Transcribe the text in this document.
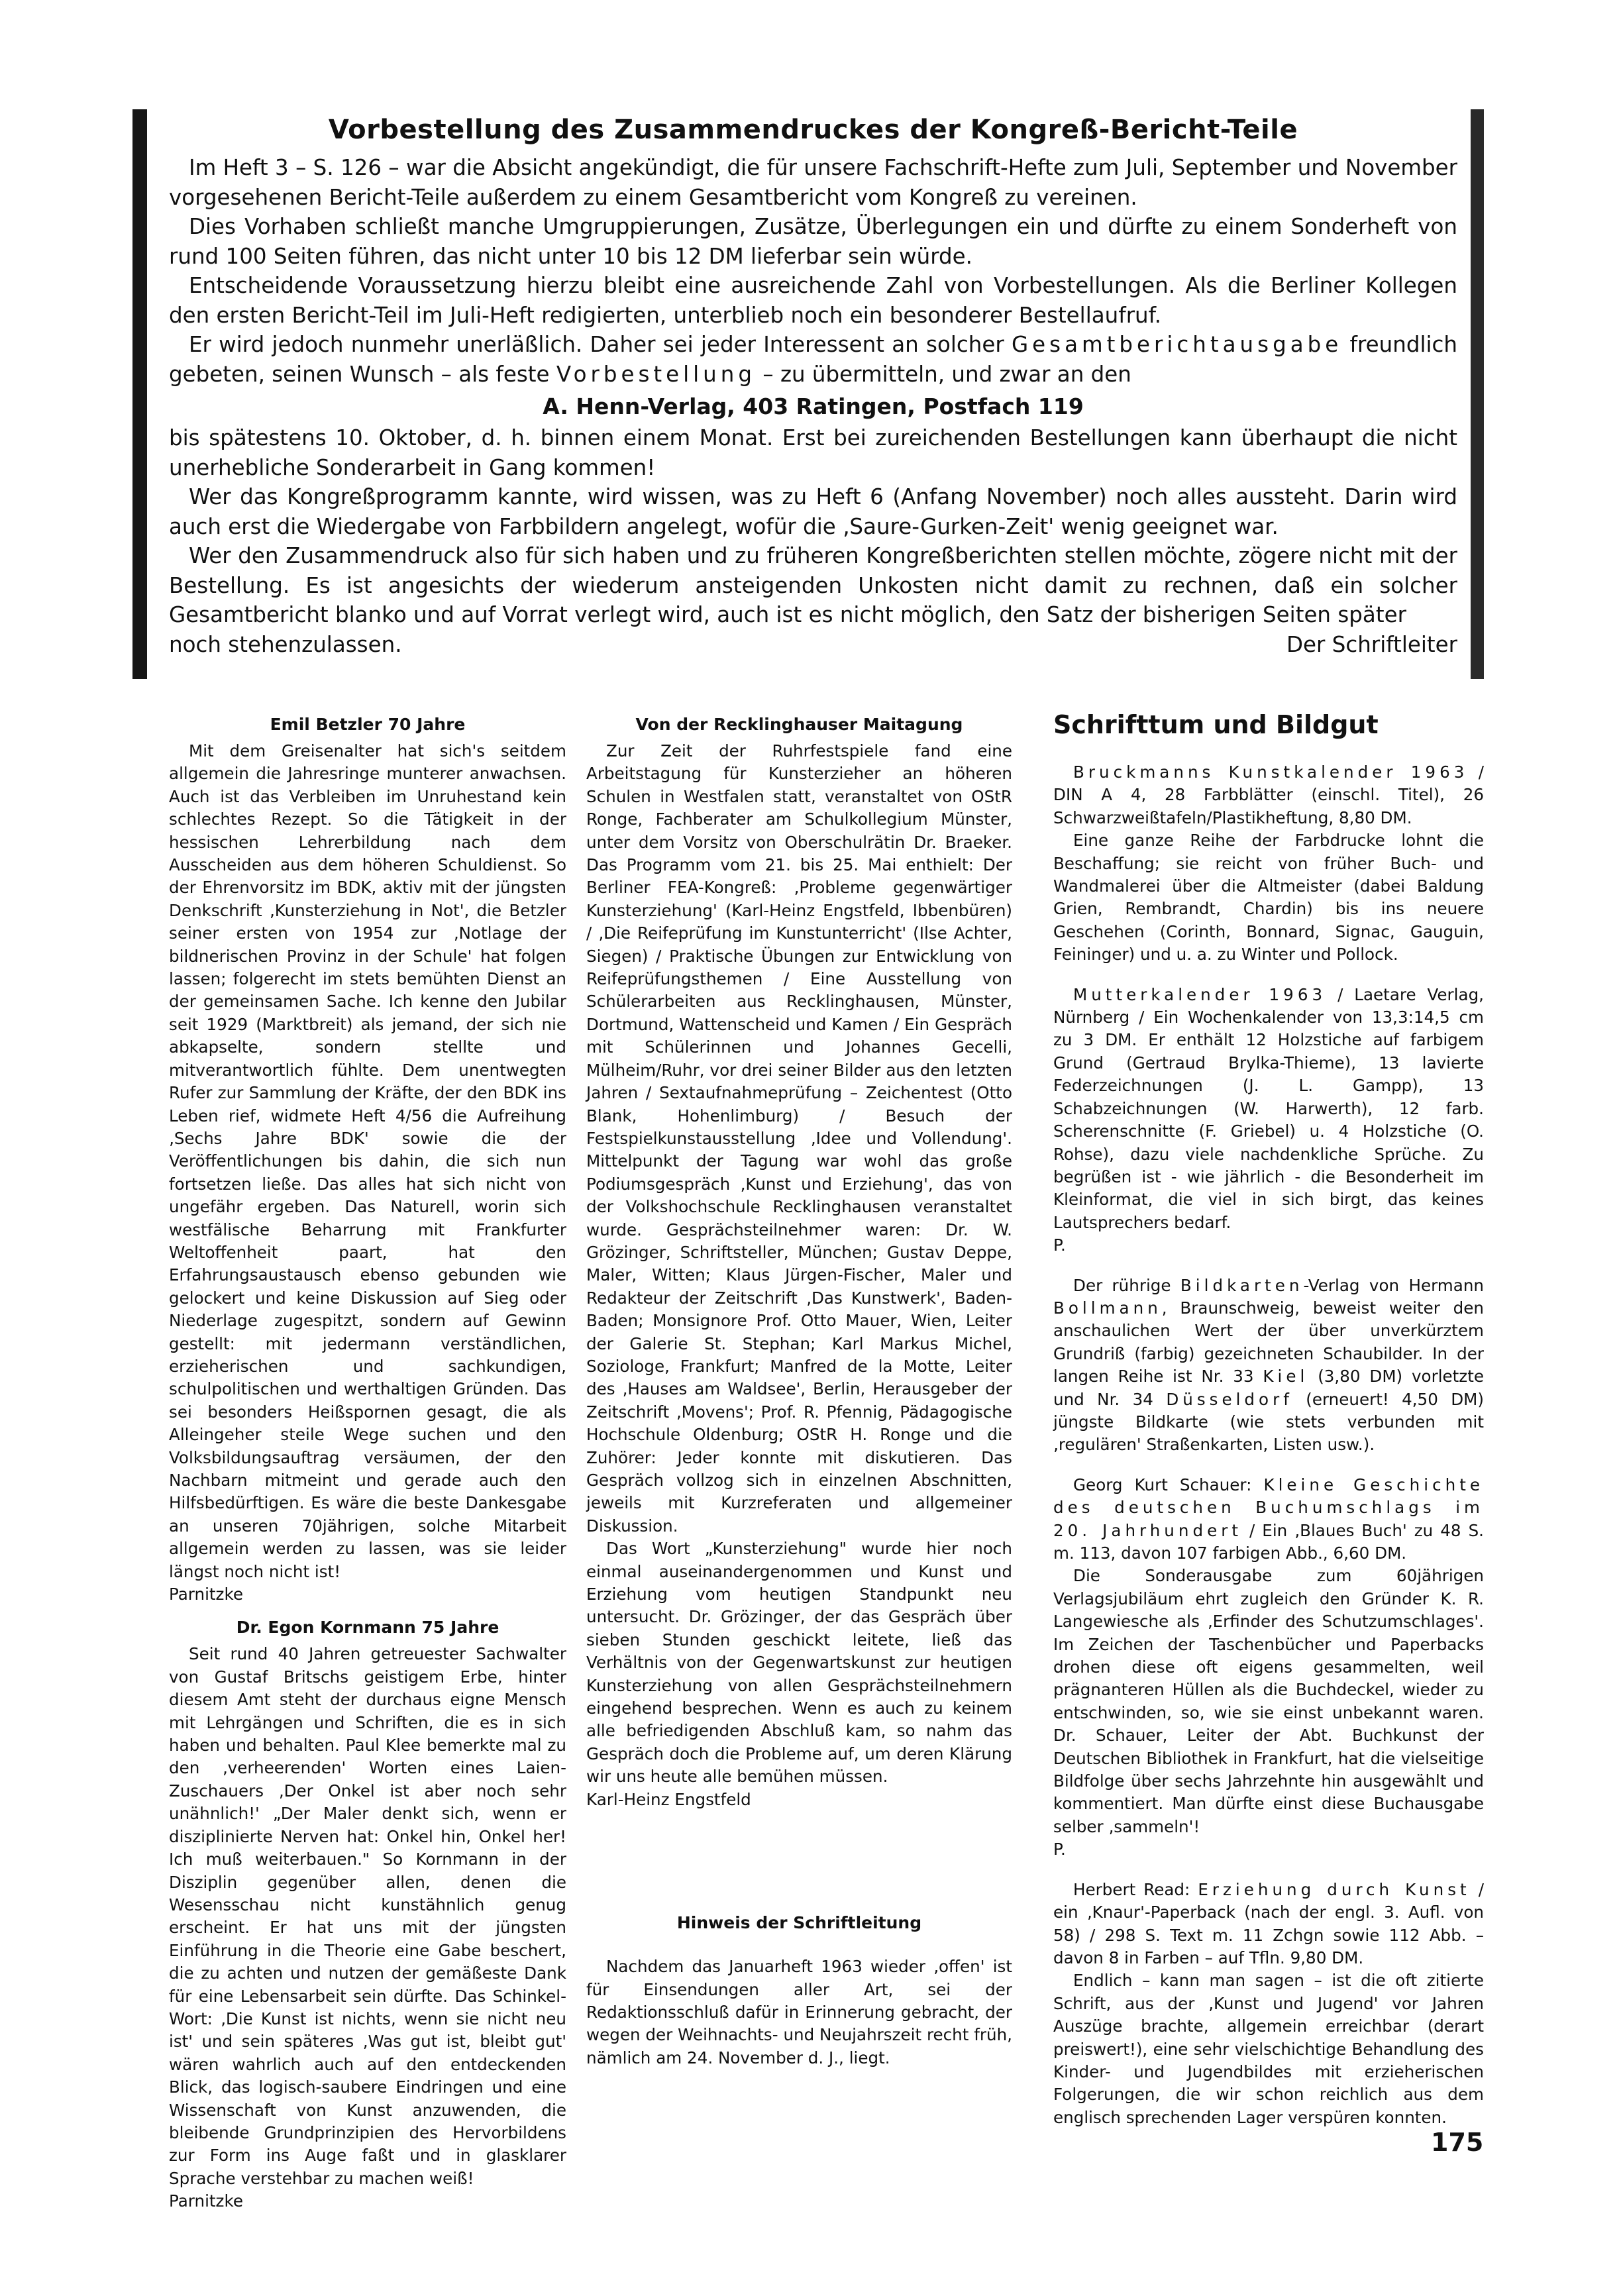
Vorbestellung des Zusammendruckes der Kongreß-Bericht-Teile

Im Heft 3 – S. 126 – war die Absicht angekündigt, die für unsere Fachschrift-Hefte zum Juli, September und November vorgesehenen Bericht-Teile außerdem zu einem Gesamtbericht vom Kongreß zu vereinen.

Dies Vorhaben schließt manche Umgruppierungen, Zusätze, Überlegungen ein und dürfte zu einem Sonderheft von rund 100 Seiten führen, das nicht unter 10 bis 12 DM lieferbar sein würde.

Entscheidende Voraussetzung hierzu bleibt eine ausreichende Zahl von Vorbestellungen. Als die Berliner Kollegen den ersten Bericht-Teil im Juli-Heft redigierten, unterblieb noch ein besonderer Bestellaufruf.

Er wird jedoch nunmehr unerläßlich. Daher sei jeder Interessent an solcher Gesamtberichtausgabe freundlich gebeten, seinen Wunsch – als feste Vorbestellung – zu übermitteln, und zwar an den

A. Henn-Verlag, 403 Ratingen, Postfach 119

bis spätestens 10. Oktober, d. h. binnen einem Monat. Erst bei zureichenden Bestellungen kann überhaupt die nicht unerhebliche Sonderarbeit in Gang kommen!

Wer das Kongreßprogramm kannte, wird wissen, was zu Heft 6 (Anfang November) noch alles aussteht. Darin wird auch erst die Wiedergabe von Farbbildern angelegt, wofür die ‚Saure-Gurken-Zeit' wenig geeignet war.

Wer den Zusammendruck also für sich haben und zu früheren Kongreßberichten stellen möchte, zögere nicht mit der Bestellung. Es ist angesichts der wiederum ansteigenden Unkosten nicht damit zu rechnen, daß ein solcher Gesamtbericht blanko und auf Vorrat verlegt wird, auch ist es nicht möglich, den Satz der bisherigen Seiten später

noch stehenzulassen.	Der Schriftleiter

Emil Betzler 70 Jahre

Mit dem Greisenalter hat sich's seitdem allgemein die Jahresringe munterer anwachsen. Auch ist das Verbleiben im Unruhestand kein schlechtes Rezept. So die Tätigkeit in der hessischen Lehrerbildung nach dem Ausscheiden aus dem höheren Schuldienst. So der Ehrenvorsitz im BDK, aktiv mit der jüngsten Denkschrift ‚Kunsterziehung in Not', die Betzler seiner ersten von 1954 zur ‚Notlage der bildnerischen Provinz in der Schule' hat folgen lassen; folgerecht im stets bemühten Dienst an der gemeinsamen Sache. Ich kenne den Jubilar seit 1929 (Marktbreit) als jemand, der sich nie abkapselte, sondern stellte und mitverantwortlich fühlte. Dem unentwegten Rufer zur Sammlung der Kräfte, der den BDK ins Leben rief, widmete Heft 4/56 die Aufreihung ‚Sechs Jahre BDK' sowie die der Veröffentlichungen bis dahin, die sich nun fortsetzen ließe. Das alles hat sich nicht von ungefähr ergeben. Das Naturell, worin sich westfälische Beharrung mit Frankfurter Weltoffenheit paart, hat den Erfahrungsaustausch ebenso gebunden wie gelockert und keine Diskussion auf Sieg oder Niederlage zugespitzt, sondern auf Gewinn gestellt: mit jedermann verständlichen, erzieherischen und sachkundigen, schulpolitischen und werthaltigen Gründen. Das sei besonders Heißspornen gesagt, die als Alleingeher steile Wege suchen und den Volksbildungsauftrag versäumen, der den Nachbarn mitmeint und gerade auch den Hilfsbedürftigen. Es wäre die beste Dankesgabe an unseren 70jährigen, solche Mitarbeit allgemein werden zu lassen, was sie leider längst noch nicht ist!

Parnitzke

Dr. Egon Kornmann 75 Jahre

Seit rund 40 Jahren getreuester Sachwalter von Gustaf Britschs geistigem Erbe, hinter diesem Amt steht der durchaus eigne Mensch mit Lehrgängen und Schriften, die es in sich haben und behalten. Paul Klee bemerkte mal zu den ‚verheerenden' Worten eines Laien-Zuschauers ‚Der Onkel ist aber noch sehr unähnlich!' „Der Maler denkt sich, wenn er disziplinierte Nerven hat: Onkel hin, Onkel her! Ich muß weiterbauen." So Kornmann in der Disziplin gegenüber allen, denen die Wesensschau nicht kunstähnlich genug erscheint. Er hat uns mit der jüngsten Einführung in die Theorie eine Gabe beschert, die zu achten und nutzen der gemäßeste Dank für eine Lebensarbeit sein dürfte. Das Schinkel-Wort: ‚Die Kunst ist nichts, wenn sie nicht neu ist' und sein späteres ‚Was gut ist, bleibt gut' wären wahrlich auch auf den entdeckenden Blick, das logisch-saubere Eindringen und eine Wissenschaft von Kunst anzuwenden, die bleibende Grundprinzipien des Hervorbildens zur Form ins Auge faßt und in glasklarer Sprache verstehbar zu machen weiß!

Parnitzke

Von der Recklinghauser Maitagung

Zur Zeit der Ruhrfestspiele fand eine Arbeitstagung für Kunsterzieher an höheren Schulen in Westfalen statt, veranstaltet von OStR Ronge, Fachberater am Schulkollegium Münster, unter dem Vorsitz von Oberschulrätin Dr. Braeker. Das Programm vom 21. bis 25. Mai enthielt: Der Berliner FEA-Kongreß: ‚Probleme gegenwärtiger Kunsterziehung' (Karl-Heinz Engstfeld, Ibbenbüren) / ‚Die Reifeprüfung im Kunstunterricht' (Ilse Achter, Siegen) / Praktische Übungen zur Entwicklung von Reifeprüfungsthemen / Eine Ausstellung von Schülerarbeiten aus Recklinghausen, Münster, Dortmund, Wattenscheid und Kamen / Ein Gespräch mit Schülerinnen und Johannes Gecelli, Mülheim/Ruhr, vor drei seiner Bilder aus den letzten Jahren / Sextaufnahmeprüfung – Zeichentest (Otto Blank, Hohenlimburg) / Besuch der Festspielkunstausstellung ‚Idee und Vollendung'. Mittelpunkt der Tagung war wohl das große Podiumsgespräch ‚Kunst und Erziehung', das von der Volkshochschule Recklinghausen veranstaltet wurde. Gesprächsteilnehmer waren: Dr. W. Grözinger, Schriftsteller, München; Gustav Deppe, Maler, Witten; Klaus Jürgen-Fischer, Maler und Redakteur der Zeitschrift ‚Das Kunstwerk', Baden-Baden; Monsignore Prof. Otto Mauer, Wien, Leiter der Galerie St. Stephan; Karl Markus Michel, Soziologe, Frankfurt; Manfred de la Motte, Leiter des ‚Hauses am Waldsee', Berlin, Herausgeber der Zeitschrift ‚Movens'; Prof. R. Pfennig, Pädagogische Hochschule Oldenburg; OStR H. Ronge und die Zuhörer: Jeder konnte mit diskutieren. Das Gespräch vollzog sich in einzelnen Abschnitten, jeweils mit Kurzreferaten und allgemeiner Diskussion.

Das Wort „Kunsterziehung" wurde hier noch einmal auseinandergenommen und Kunst und Erziehung vom heutigen Standpunkt neu untersucht. Dr. Grözinger, der das Gespräch über sieben Stunden geschickt leitete, ließ das Verhältnis von der Gegenwartskunst zur heutigen Kunsterziehung von allen Gesprächsteilnehmern eingehend besprechen. Wenn es auch zu keinem alle befriedigenden Abschluß kam, so nahm das Gespräch doch die Probleme auf, um deren Klärung wir uns heute alle bemühen müssen.

Karl-Heinz Engstfeld

Hinweis der Schriftleitung

Nachdem das Januarheft 1963 wieder ‚offen' ist für Einsendungen aller Art, sei der Redaktionsschluß dafür in Erinnerung gebracht, der wegen der Weihnachts- und Neujahrszeit recht früh, nämlich am 24. November d. J., liegt.

Schrifttum und Bildgut

Bruckmanns Kunstkalender 1963 / DIN A 4, 28 Farbblätter (einschl. Titel), 26 Schwarzweißtafeln/Plastikheftung, 8,80 DM.

Eine ganze Reihe der Farbdrucke lohnt die Beschaffung; sie reicht von früher Buch- und Wandmalerei über die Altmeister (dabei Baldung Grien, Rembrandt, Chardin) bis ins neuere Geschehen (Corinth, Bonnard, Signac, Gauguin, Feininger) und u. a. zu Winter und Pollock.

Mutterkalender 1963 / Laetare Verlag, Nürnberg / Ein Wochenkalender von 13,3:14,5 cm zu 3 DM. Er enthält 12 Holzstiche auf farbigem Grund (Gertraud Brylka-Thieme), 13 lavierte Federzeichnungen (J. L. Gampp), 13 Schabzeichnungen (W. Harwerth), 12 farb. Scherenschnitte (F. Griebel) u. 4 Holzstiche (O. Rohse), dazu viele nachdenkliche Sprüche. Zu begrüßen ist - wie jährlich - die Besonderheit im Kleinformat, die viel in sich birgt, das keines Lautsprechers bedarf.

P.

Der rührige Bildkarten-Verlag von Hermann Bollmann, Braunschweig, beweist weiter den anschaulichen Wert der über unverkürztem Grundriß (farbig) gezeichneten Schaubilder. In der langen Reihe ist Nr. 33 Kiel (3,80 DM) vorletzte und Nr. 34 Düsseldorf (erneuert! 4,50 DM) jüngste Bildkarte (wie stets verbunden mit ‚regulären' Straßenkarten, Listen usw.).

Georg Kurt Schauer: Kleine Geschichte des deutschen Buchumschlags im 20. Jahrhundert / Ein ‚Blaues Buch' zu 48 S. m. 113, davon 107 farbigen Abb., 6,60 DM.

Die Sonderausgabe zum 60jährigen Verlagsjubiläum ehrt zugleich den Gründer K. R. Langewiesche als ‚Erfinder des Schutzumschlages'. Im Zeichen der Taschenbücher und Paperbacks drohen diese oft eigens gesammelten, weil prägnanteren Hüllen als die Buchdeckel, wieder zu entschwinden, so, wie sie einst unbekannt waren. Dr. Schauer, Leiter der Abt. Buchkunst der Deutschen Bibliothek in Frankfurt, hat die vielseitige Bildfolge über sechs Jahrzehnte hin ausgewählt und kommentiert. Man dürfte einst diese Buchausgabe selber ‚sammeln'!

P.

Herbert Read: Erziehung durch Kunst / ein ‚Knaur'-Paperback (nach der engl. 3. Aufl. von 58) / 298 S. Text m. 11 Zchgn sowie 112 Abb. – davon 8 in Farben – auf Tfln. 9,80 DM.

Endlich – kann man sagen – ist die oft zitierte Schrift, aus der ‚Kunst und Jugend' vor Jahren Auszüge brachte, allgemein erreichbar (derart preiswert!), eine sehr vielschichtige Behandlung des Kinder- und Jugendbildes mit erzieherischen Folgerungen, die wir schon reichlich aus dem englisch sprechenden Lager verspüren konnten.

175
